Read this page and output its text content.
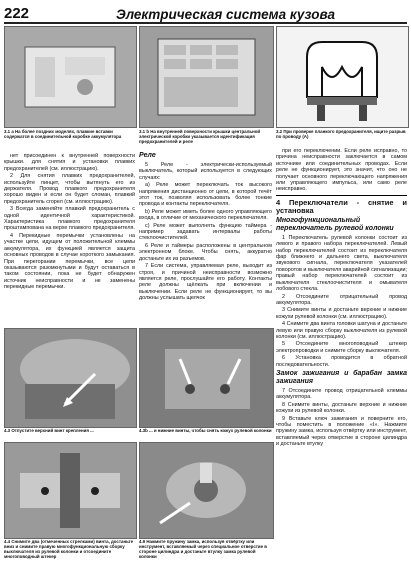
222	Электрическая система кузова
3.1 а На более поздних моделях, плавкие вставки содержатся в соединительной коробке аккумулятора
3.1 b На внутренней поверхности крышки центральной электрической коробки указывается идентификация предохранителей и реле
3.2 При проверке планкого предохранителя, ищите разрыв по проводу (А)

нет присоединен к внутренней поверхности крышки. для снятия и установки плавких предохранителей (см. иллюстрацию).

2 Для снятия плавких предохранителей, используйте пинцет, чтобы вытянуть его из держателя. Провод плавкого предохранителя хорошо виден и если он будет сломан, плавкий предохранитель сгорел (см. иллюстрацию).

3 Всегда заменяйте плавкий предохранитель с одной идентичной характеристикой. Характеристика плавкого предохранителя проштампована на верхе плавкого предохранителя.

4 Перекидные перемычки установлены на участке цепи, идущем от положительной клеммы аккумулятора, их функцией является защита основных проводов в случае короткого замыкания. При перегорании перемычки, все цепи оказываются разомкнутыми и будут оставаться в таком состоянии, пока не будет обнаружен источник неисправности и не заменены перекидные перемычки.

Реле

5 Реле - электрически-используемый выключатель, который используется в следующих случаях:

а) Реле может переключать ток высокого напряжения дистанционно от цепи, в которой течёт этот ток, позволяя использовать более тонкие провода и контакты переключателя.

b) Реле может иметь более одного управляющего входа, в отличие от механического переключателя.

c) Реле может выполнять функцию таймера - например задавать интервалы работы стеклоочистителей.

6 Реле и таймеры расположены в центральном электронном блоке. Чтобы снять, аккуратно достаньте их из разъемов.

7 Если система, управляемая реле, выходит из строя, и причиной неисправности возможно является реле, прослушайте его работу. Контакты реле должны щёлкать при включении и выключении. Если реле не функционирует, то вы должны услышать щелчок

при его переключении. Если реле исправно, то причина неисправности заключается в самом источнике или соединительных проводах. Если реле не функционирует, это значит, что оно не получает основного переключающего напряжения или управляющего импульса, или само реле неисправно.

4 Переключатели - снятие и установка
Многофункциональный переключатель рулевой колонки

1 Переключатель рулевой колонки состоит из левого и правого набора переключателей. Левый набор переключателей состоит из переключателя фар ближнего и дальнего света, выключателя звукового сигнала, переключателя указателей поворотов и выключателя аварийной сигнализации; правый набор переключателей состоит из выключателя стеклоочистителя и омывателя лобового стекла.

2 Отсоедините отрицательный провод аккумулятора.

3 Снимите винты и достаньте верхние и нижние кожухи рулевой колонки (см. иллюстрацию).

4 Снимите два винта головки шатуна и достаньте левую или правую сборку выключателя из рулевой колонки (см. иллюстрацию).

5 Отсоедините многоповодный штекер электропроводки и снимите сборку выключателя.

6 Установка проводится в обратной последовательности.

Замок зажигания и барабан замка зажигания

7 Отсоедините провод отрицательной клеммы аккумулятора.

8 Снимите винты, достаньте верхние и нижние кожухи из рулевой колонки.

9 Вставьте ключ зажигания и поверните его, чтобы поместить в положение «I». Нажмите пружину замка, используя отвёртку или инструмент, вставляемый через отверстие в стороне цилиндра и достаньте втулку

4.3 Отпустите верхний винт крепления ...	4.3b ... и нижние винты, чтобы снять кожух рулевой колонки
4.4 Снимите два (отмеченных стрелками) винта, достаньте вниз и снимите правую многофункциональную сборку выключателя из рулевой колонки и отсоедините многоповодный штекер
4.9 Нажмите пружину замка, используя отвёртку или инструмент, вставляемый через специальное отверстие в стороне цилиндра и достаньте втулку замка рулевой колонки
